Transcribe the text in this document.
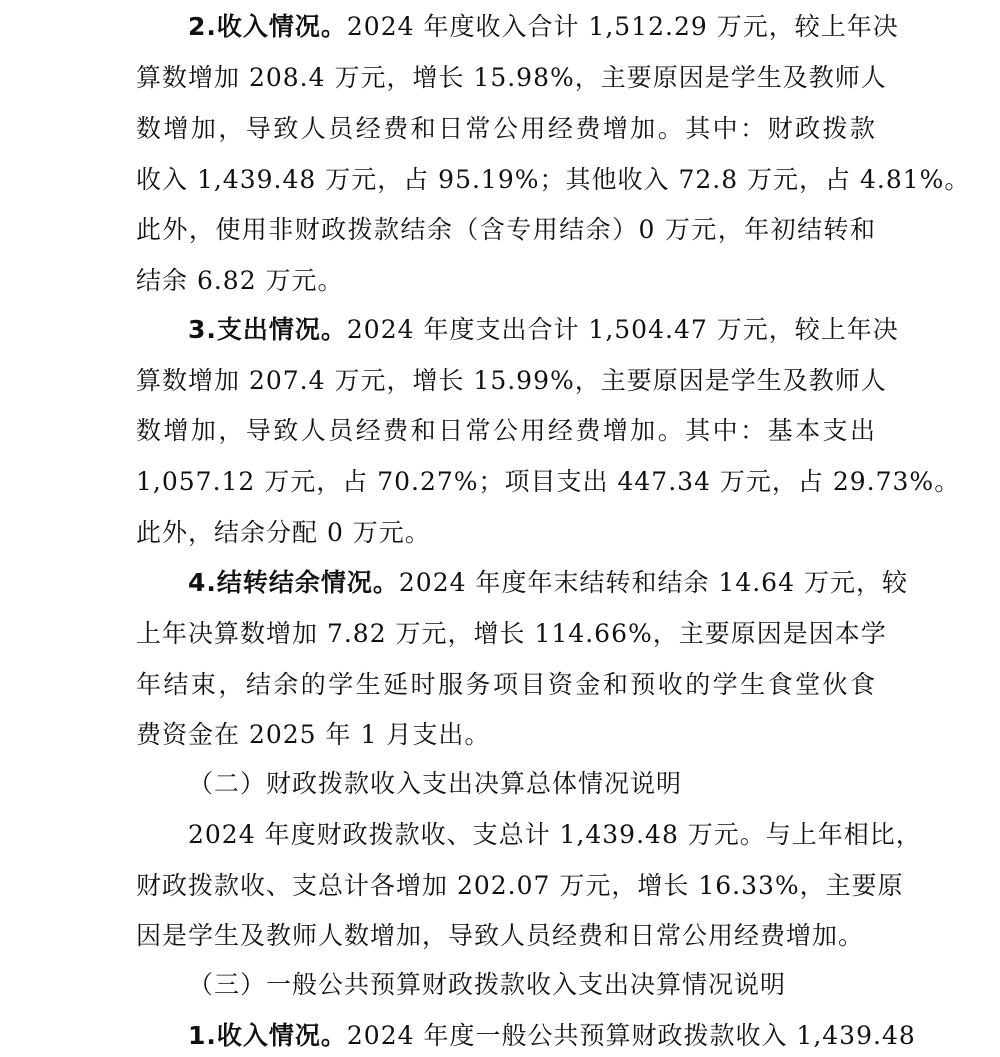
2.收入情况。2024 年度收入合计 1,512.29 万元，较上年决
算数增加 208.4 万元，增长 15.98%，主要原因是学生及教师人
数增加，导致人员经费和日常公用经费增加。其中：财政拨款
收入 1,439.48 万元，占 95.19%；其他收入 72.8 万元，占 4.81%。
此外，使用非财政拨款结余（含专用结余）0 万元，年初结转和
结余 6.82 万元。
3.支出情况。2024 年度支出合计 1,504.47 万元，较上年决
算数增加 207.4 万元，增长 15.99%，主要原因是学生及教师人
数增加，导致人员经费和日常公用经费增加。其中：基本支出
1,057.12 万元，占 70.27%；项目支出 447.34 万元，占 29.73%。
此外，结余分配 0 万元。
4.结转结余情况。2024 年度年末结转和结余 14.64 万元，较
上年决算数增加 7.82 万元，增长 114.66%，主要原因是因本学
年结束，结余的学生延时服务项目资金和预收的学生食堂伙食
费资金在 2025 年 1 月支出。
（二）财政拨款收入支出决算总体情况说明
2024 年度财政拨款收、支总计 1,439.48 万元。与上年相比，
财政拨款收、支总计各增加 202.07 万元，增长 16.33%，主要原
因是学生及教师人数增加，导致人员经费和日常公用经费增加。
（三）一般公共预算财政拨款收入支出决算情况说明
1.收入情况。2024 年度一般公共预算财政拨款收入 1,439.48
